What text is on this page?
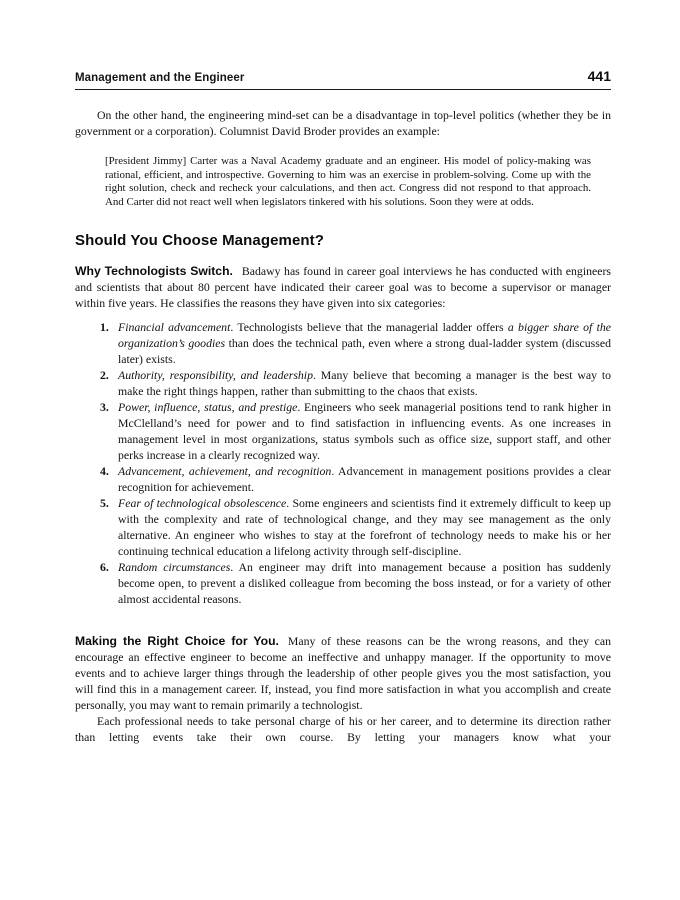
Management and the Engineer	441

On the other hand, the engineering mind-set can be a disadvantage in top-level politics (whether they be in government or a corporation). Columnist David Broder provides an example:

[President Jimmy] Carter was a Naval Academy graduate and an engineer. His model of policy-making was rational, efficient, and introspective. Governing to him was an exercise in problem-solving. Come up with the right solution, check and recheck your calculations, and then act. Congress did not respond to that approach. And Carter did not react well when legislators tinkered with his solutions. Soon they were at odds.

Should You Choose Management?

Why Technologists Switch. Badawy has found in career goal interviews he has conducted with engineers and scientists that about 80 percent have indicated their career goal was to become a supervisor or manager within five years. He classifies the reasons they have given into six categories:

1. Financial advancement. Technologists believe that the managerial ladder offers a bigger share of the organization’s goodies than does the technical path, even where a strong dual-ladder system (discussed later) exists.
2. Authority, responsibility, and leadership. Many believe that becoming a manager is the best way to make the right things happen, rather than submitting to the chaos that exists.
3. Power, influence, status, and prestige. Engineers who seek managerial positions tend to rank higher in McClelland’s need for power and to find satisfaction in influencing events. As one increases in management level in most organizations, status symbols such as office size, support staff, and other perks increase in a clearly recognized way.
4. Advancement, achievement, and recognition. Advancement in management positions provides a clear recognition for achievement.
5. Fear of technological obsolescence. Some engineers and scientists find it extremely difficult to keep up with the complexity and rate of technological change, and they may see management as the only alternative. An engineer who wishes to stay at the forefront of technology needs to make his or her continuing technical education a lifelong activity through self-discipline.
6. Random circumstances. An engineer may drift into management because a position has suddenly become open, to prevent a disliked colleague from becoming the boss instead, or for a variety of other almost accidental reasons.

Making the Right Choice for You. Many of these reasons can be the wrong reasons, and they can encourage an effective engineer to become an ineffective and unhappy manager. If the opportunity to move events and to achieve larger things through the leadership of other people gives you the most satisfaction, you will find this in a management career. If, instead, you find more satisfaction in what you accomplish and create personally, you may want to remain primarily a technologist.

Each professional needs to take personal charge of his or her career, and to determine its direction rather than letting events take their own course. By letting your managers know what your
